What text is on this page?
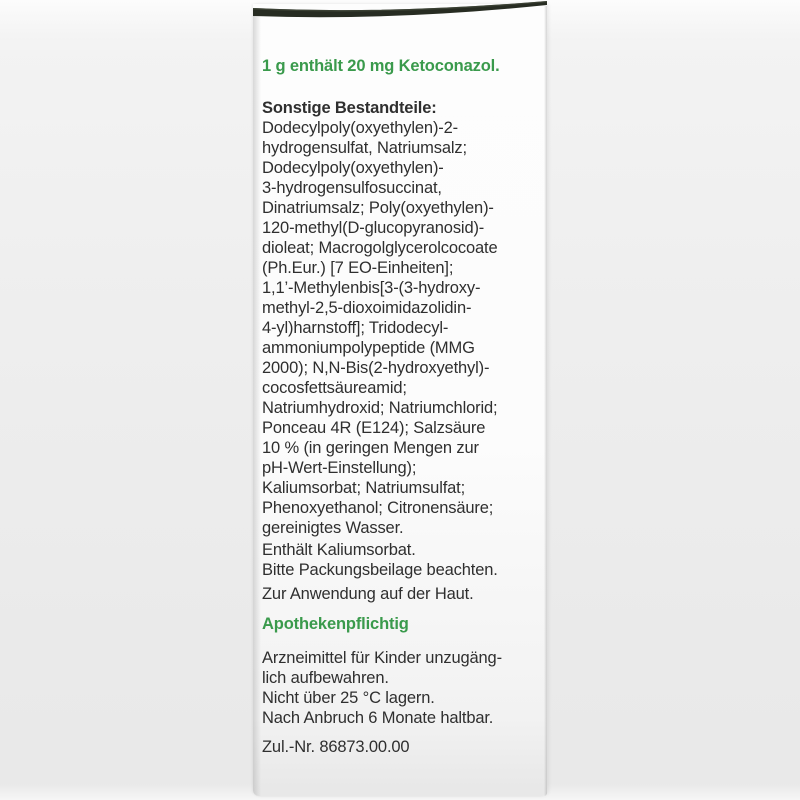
1 g enthält 20 mg Ketoconazol.
Sonstige Bestandteile:
Dodecylpoly(oxyethylen)-2-
hydrogensulfat, Natriumsalz;
Dodecylpoly(oxyethylen)-
3-hydrogensulfosuccinat,
Dinatriumsalz; Poly(oxyethylen)-
120-methyl(D-glucopyranosid)-
dioleat; Macrogolglycerolcocoate
(Ph.Eur.) [7 EO-Einheiten];
1,1’-Methylenbis[3-(3-hydroxy-
methyl-2,5-dioxoimidazolidin-
4-yl)harnstoff]; Tridodecyl-
ammoniumpolypeptide (MMG
2000); N,N-Bis(2-hydroxyethyl)-
cocosfettsäureamid;
Natriumhydroxid; Natriumchlorid;
Ponceau 4R (E124); Salzsäure
10 % (in geringen Mengen zur
pH-Wert-Einstellung);
Kaliumsorbat; Natriumsulfat;
Phenoxyethanol; Citronensäure;
gereinigtes Wasser.
Enthält Kaliumsorbat.
Bitte Packungsbeilage beachten.
Zur Anwendung auf der Haut.
Apothekenpflichtig
Arzneimittel für Kinder unzugäng-
lich aufbewahren.
Nicht über 25 °C lagern.
Nach Anbruch 6 Monate haltbar.
Zul.-Nr. 86873.00.00
